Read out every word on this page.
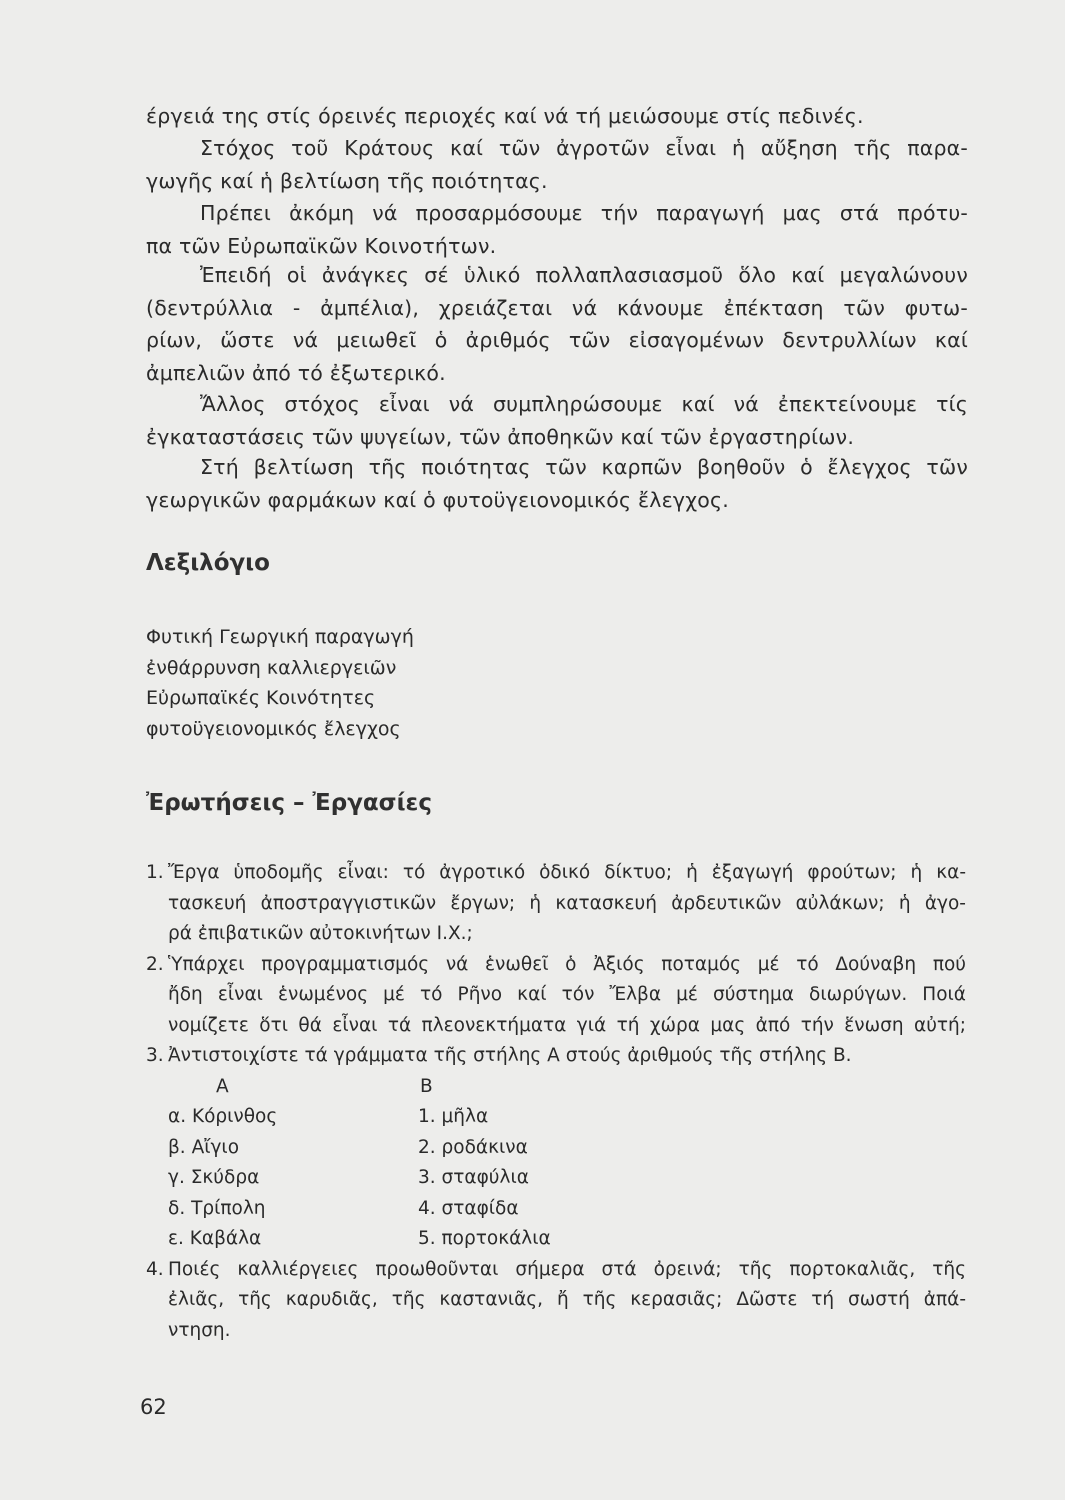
έργειά της στίς όρεινές περιοχές καί νά τή μειώσουμε στίς πεδινές.
Στόχος τοῦ Κράτους καί τῶν ἀγροτῶν εἶναι ἡ αὔξηση τῆς παρα-
γωγῆς καί ἡ βελτίωση τῆς ποιότητας.
Πρέπει ἀκόμη νά προσαρμόσουμε τήν παραγωγή μας στά πρότυ-
πα τῶν Εὐρωπαϊκῶν Κοινοτήτων.
Ἐπειδή οἱ ἀνάγκες σέ ὑλικό πολλαπλασιασμοῦ ὅλο καί μεγαλώνουν
(δεντρύλλια - ἀμπέλια), χρειάζεται νά κάνουμε ἐπέκταση τῶν φυτω-
ρίων, ὥστε νά μειωθεῖ ὁ ἀριθμός τῶν εἰσαγομένων δεντρυλλίων καί
ἀμπελιῶν ἀπό τό ἐξωτερικό.
Ἄλλος στόχος εἶναι νά συμπληρώσουμε καί νά ἐπεκτείνουμε τίς
ἐγκαταστάσεις τῶν ψυγείων, τῶν ἀποθηκῶν καί τῶν ἐργαστηρίων.
Στή βελτίωση τῆς ποιότητας τῶν καρπῶν βοηθοῦν ὁ ἔλεγχος τῶν
γεωργικῶν φαρμάκων καί ὁ φυτοϋγειονομικός ἔλεγχος.
Λεξιλόγιο
Φυτική Γεωργική παραγωγή
ἐνθάρρυνση καλλιεργειῶν
Εὐρωπαϊκές Κοινότητες
φυτοϋγειονομικός ἔλεγχος
Ἐρωτήσεις – Ἐργασίες
1. Ἔργα ὑποδομῆς εἶναι: τό ἀγροτικό ὁδικό δίκτυο; ἡ ἐξαγωγή φρούτων; ἡ κα-
τασκευή ἀποστραγγιστικῶν ἔργων; ἡ κατασκευή ἀρδευτικῶν αὐλάκων; ἡ ἀγο-
ρά ἐπιβατικῶν αὐτοκινήτων Ι.Χ.;
2. Ὑπάρχει προγραμματισμός νά ἑνωθεῖ ὁ Ἀξιός ποταμός μέ τό Δούναβη πού
ἤδη εἶναι ἑνωμένος μέ τό Ρῆνο καί τόν Ἔλβα μέ σύστημα διωρύγων. Ποιά
νομίζετε ὅτι θά εἶναι τά πλεονεκτήματα γιά τή χώρα μας ἀπό τήν ἕνωση αὐτή;
3. Ἀντιστοιχίστε τά γράμματα τῆς στήλης Α στούς ἀριθμούς τῆς στήλης Β.
Α	Β
α. Κόρινθος	1. μῆλα
β. Αἴγιο	2. ροδάκινα
γ. Σκύδρα	3. σταφύλια
δ. Τρίπολη	4. σταφίδα
ε. Καβάλα	5. πορτοκάλια
4. Ποιές καλλιέργειες προωθοῦνται σήμερα στά ὀρεινά; τῆς πορτοκαλιᾶς, τῆς
ἐλιᾶς, τῆς καρυδιᾶς, τῆς καστανιᾶς, ἤ τῆς κερασιᾶς; Δῶστε τή σωστή ἀπά-
ντηση.
62
